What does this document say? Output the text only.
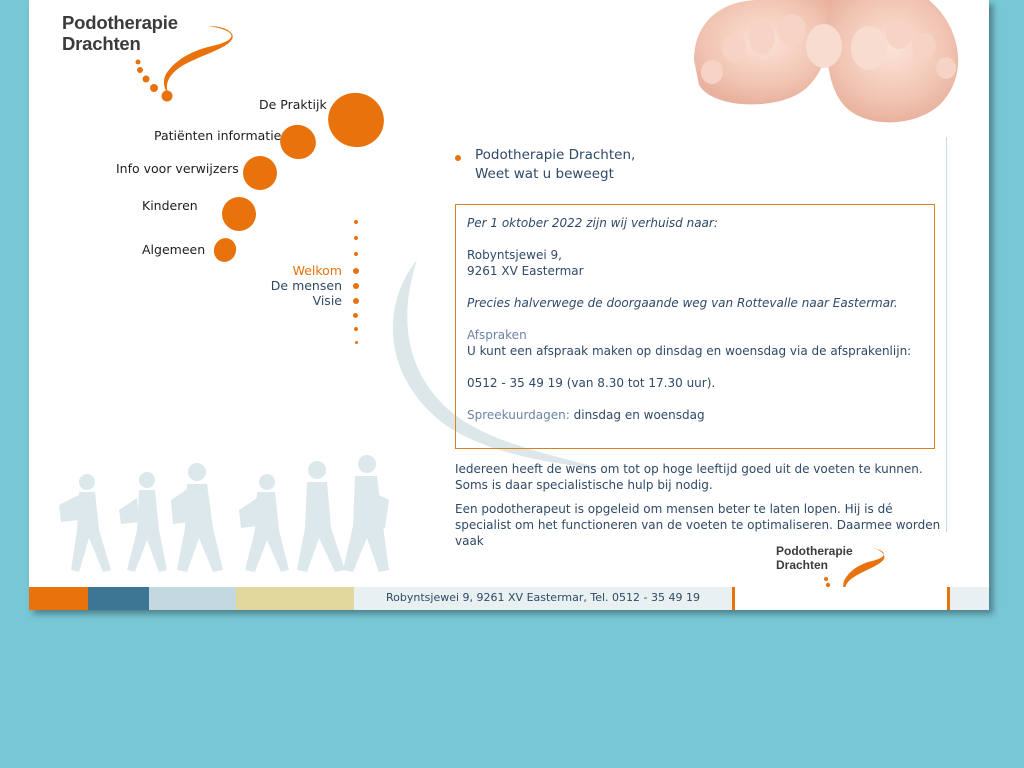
Podotherapie
Drachten
De Praktijk
Patiënten informatie
Info voor verwijzers
Kinderen
Algemeen
Welkom
De mensen
Visie
Podotherapie Drachten,
Weet wat u beweegt

Per 1 oktober 2022 zijn wij verhuisd naar:

Robyntsjewei 9,

9261 XV Eastermar

Precies halverwege de doorgaande weg van Rottevalle naar Eastermar.

Afspraken

U kunt een afspraak maken op dinsdag en woensdag via de afsprakenlijn:

0512 - 35 49 19 (van 8.30 tot 17.30 uur).

Spreekuurdagen: dinsdag en woensdag

Iedereen heeft de wens om tot op hoge leeftijd goed uit de voeten te kunnen. Soms is daar specialistische hulp bij nodig.

Een podotherapeut is opgeleid om mensen beter te laten lopen. Hij is dé specialist om het functioneren van de voeten te optimaliseren. Daarmee worden vaak

Podotherapie
Drachten
Robyntsjewei 9, 9261 XV Eastermar, Tel. 0512 - 35 49 19
